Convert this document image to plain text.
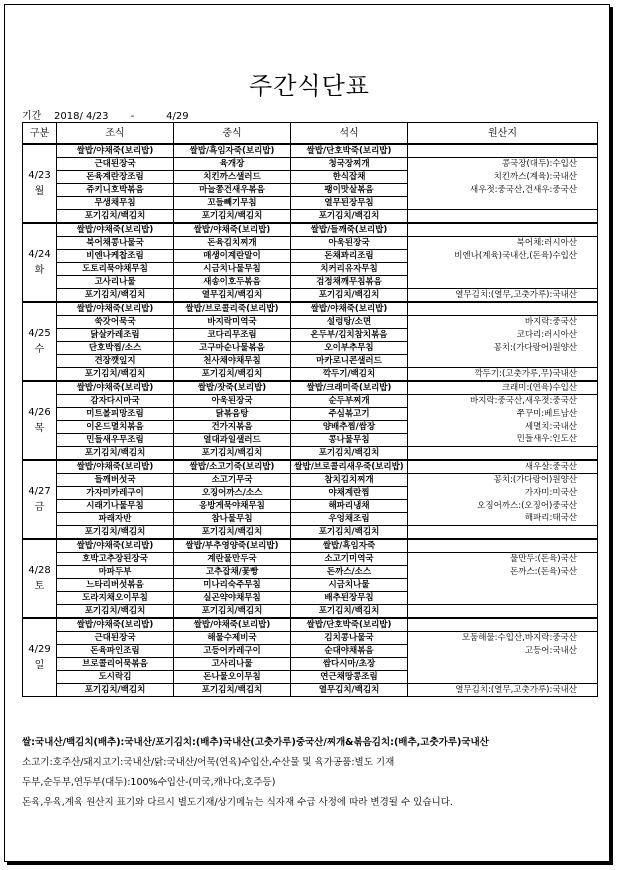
주간식단표
기간 2018/ 4/23 -	4/29
구분	조식	중식	석식	원산지

4/23
월	쌀밥/야채죽(보리밥)	쌀밥/흑임자죽(보리밥)	쌀밥/단호박죽(보리밥)	
	근대된장국	육개장	청국장찌개	콩국장(대두):수입산
	돈육계란장조림	치킨까스샐러드	한식잡채	치킨까스(계육):국내산
	쥬키니호박볶음	마늘쫑건새우볶음	팽이맛살볶음	새우젓:중국산,건새우:중국산
	무생채무침	꼬들빼기무침	열무된장무침	
	포기김치/백김치	포기김치/백김치	포기김치/백김치	

4/24
화	쌀밥/야채죽(보리밥)	쌀밥/야채죽(보리밥)	쌀밥/들깨죽(보리밥)	
	북어채콩나물국	돈육김치찌개	아욱된장국	북어채:러시아산
	비엔나케찹조림	매생이계란말이	돈채꽈리조림	비엔나(계육)국내산,(돈육)수입산
	도토리묵야채무침	시금치나물무침	치커리유자무침	
	고사리나물	새송이호두볶음	검정채깨무침볶음	
	포기김치/백김치	열무김치/백김치	포기김치/백김치	열무김치:(열무,고춧가루):국내산

4/25
수	쌀밥/야채죽(보리밥)	쌀밥/브로콜리죽(보리밥)	쌀밥/야채죽(보리밥)	
	쑥갓어묵국	바지락미역국	설렁탕/소면	바지락:중국산
	닭살카레조림	코다리무조림	온두부/김치참치볶음	코다리:러시아산
	단호박찜/소스	고구마순나물볶음	오이부추무침	꽁치:(가다랑어)원양산
	견장깻잎지	천사채야채무침	마카로니콘샐러드	
	포기김치/백김치	포기김치/백김치	깍두기/백김치	깍두기:(고춧가루,무)국내산

4/26
목	쌀밥/야채죽(보리밥)	쌀밥/잣죽(보리밥)	쌀밥/크래미죽(보리밥)	크래미:(연육)수입산
	감자다시마국	아욱된장국	순두부찌개	바지락:중국산,새우젓:중국산
	미트볼피망조림	닭볶음탕	주심볶고기	쭈꾸미:베트남산
	이온드멸치볶음	건가지볶음	양배추찜/쌈장	세멸치:국내산
	민들새우무조림	열대과일샐러드	콩나물무침	민들새우:인도산
	포기김치/백김치	포기김치/백김치	포기김치/백김치	

4/27
금	쌀밥/야채죽(보리밥)	쌀밥/소고기죽(보리밥)	쌀밥/브로콜리새우죽(보리밥)	새우살:중국산
	들깨버섯국	소고기무국	참치김치찌개	꽁치:(가다랑어)원양산
	가자미카레구이	오징어까스/소스	야채계란찜	가자미:미국산
	시래기나물무침	옹방게묵야채무침	해파리냉채	오징어까스:(오징어)중국산
	파래자반	참나물무침	우엉채조림	해파리:태국산
	포기김치/백김치	포기김치/백김치	포기김치/백김치	

4/28
토	쌀밥/야채죽(보리밥)	쌀밥/부추영양죽(보리밥)	쌀밥/흑임자죽	
	호박고추장된장국	계란물만두국	소고기미역국	물만두:(돈육)국산
	마파두부	고추잡채/꽃빵	돈까스/소스	돈까스:(돈육)국산
	느타리버섯볶음	미나리숙주무침	시금치나물	
	도라지채오이무침	실곤약야채무침	배추된장무침	
	포기김치/백김치	포기김치/백김치	포기김치/백김치	

4/29
일	쌀밥/야채죽(보리밥)	쌀밥/야채죽(보리밥)	쌀밥/단호박죽(보리밥)	
	근대된장국	해물수제비국	김치콩나물국	모둠해물:수입산,바지락:중국산
	돈육파인조림	고등어카레구이	순대야채볶음	고등어:국내산
	브로콜리어묵볶음	고사리나물	쌈다시마/초장	
	도시락김	돈나물오이무침	연근채땅콩조림	
	포기김치/백김치	포기김치/백김치	열무김치/백김치	열무김치:(열무,고춧가루):국내산
쌀:국내산/백김치(배추):국내산/포기김치:(배추)국내산(고춧가루)중국산/찌개&볶음김치:(배추,고춧가루)국내산
소고기:호주산/돼지고기:국내산/닭:국내산/어묵(연육)수입산,수산물 및 육가공품:별도 기재
두부,순두부,연두부(대두):100%수입산-(미국,캐나다,호주등)
돈육,우육,계육 원산지 표기와 다르시 별도기재/상기메뉴는 식자재 수급 사정에 따라 변경될 수 있습니다.
